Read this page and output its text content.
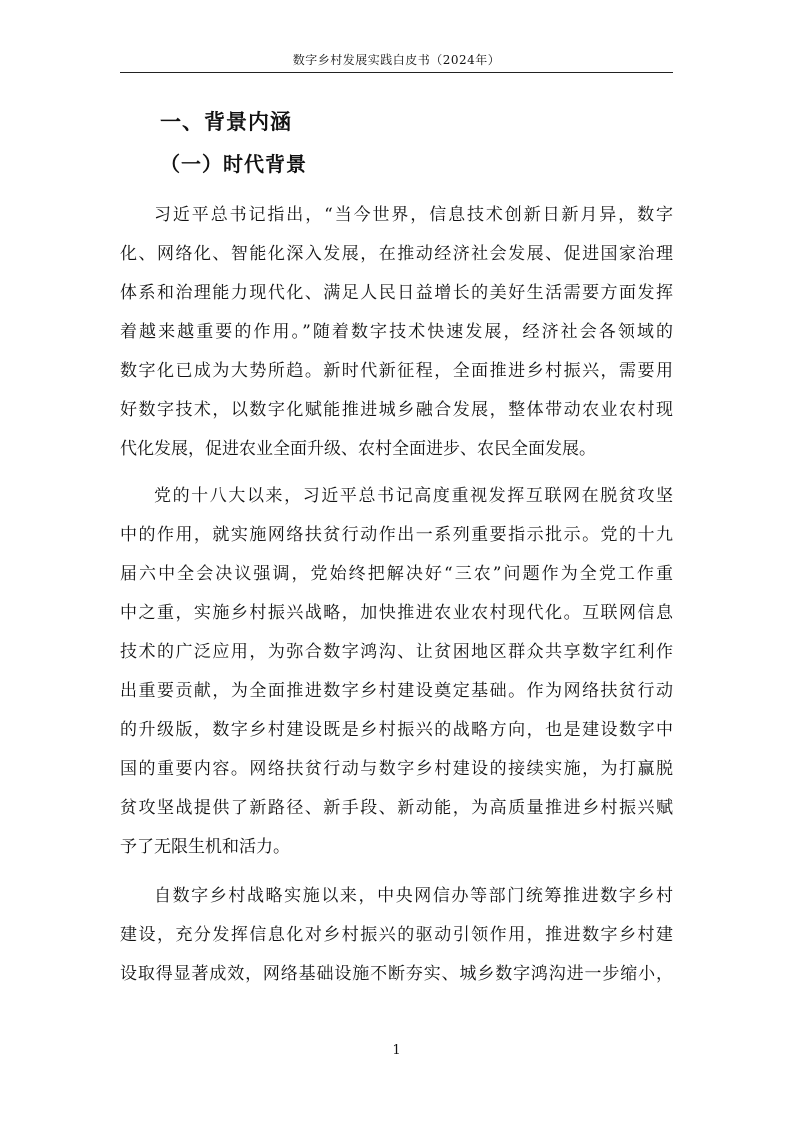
数字乡村发展实践白皮书（2024年）
一、背景内涵
（一）时代背景
习近平总书记指出，“当今世界，信息技术创新日新月异，数字
化、网络化、智能化深入发展，在推动经济社会发展、促进国家治理
体系和治理能力现代化、满足人民日益增长的美好生活需要方面发挥
着越来越重要的作用。”随着数字技术快速发展，经济社会各领域的
数字化已成为大势所趋。新时代新征程，全面推进乡村振兴，需要用
好数字技术，以数字化赋能推进城乡融合发展，整体带动农业农村现
代化发展，促进农业全面升级、农村全面进步、农民全面发展。
党的十八大以来，习近平总书记高度重视发挥互联网在脱贫攻坚
中的作用，就实施网络扶贫行动作出一系列重要指示批示。党的十九
届六中全会决议强调，党始终把解决好“三农”问题作为全党工作重
中之重，实施乡村振兴战略，加快推进农业农村现代化。互联网信息
技术的广泛应用，为弥合数字鸿沟、让贫困地区群众共享数字红利作
出重要贡献，为全面推进数字乡村建设奠定基础。作为网络扶贫行动
的升级版，数字乡村建设既是乡村振兴的战略方向，也是建设数字中
国的重要内容。网络扶贫行动与数字乡村建设的接续实施，为打赢脱
贫攻坚战提供了新路径、新手段、新动能，为高质量推进乡村振兴赋
予了无限生机和活力。
自数字乡村战略实施以来，中央网信办等部门统筹推进数字乡村
建设，充分发挥信息化对乡村振兴的驱动引领作用，推进数字乡村建
设取得显著成效，网络基础设施不断夯实、城乡数字鸿沟进一步缩小，
1
